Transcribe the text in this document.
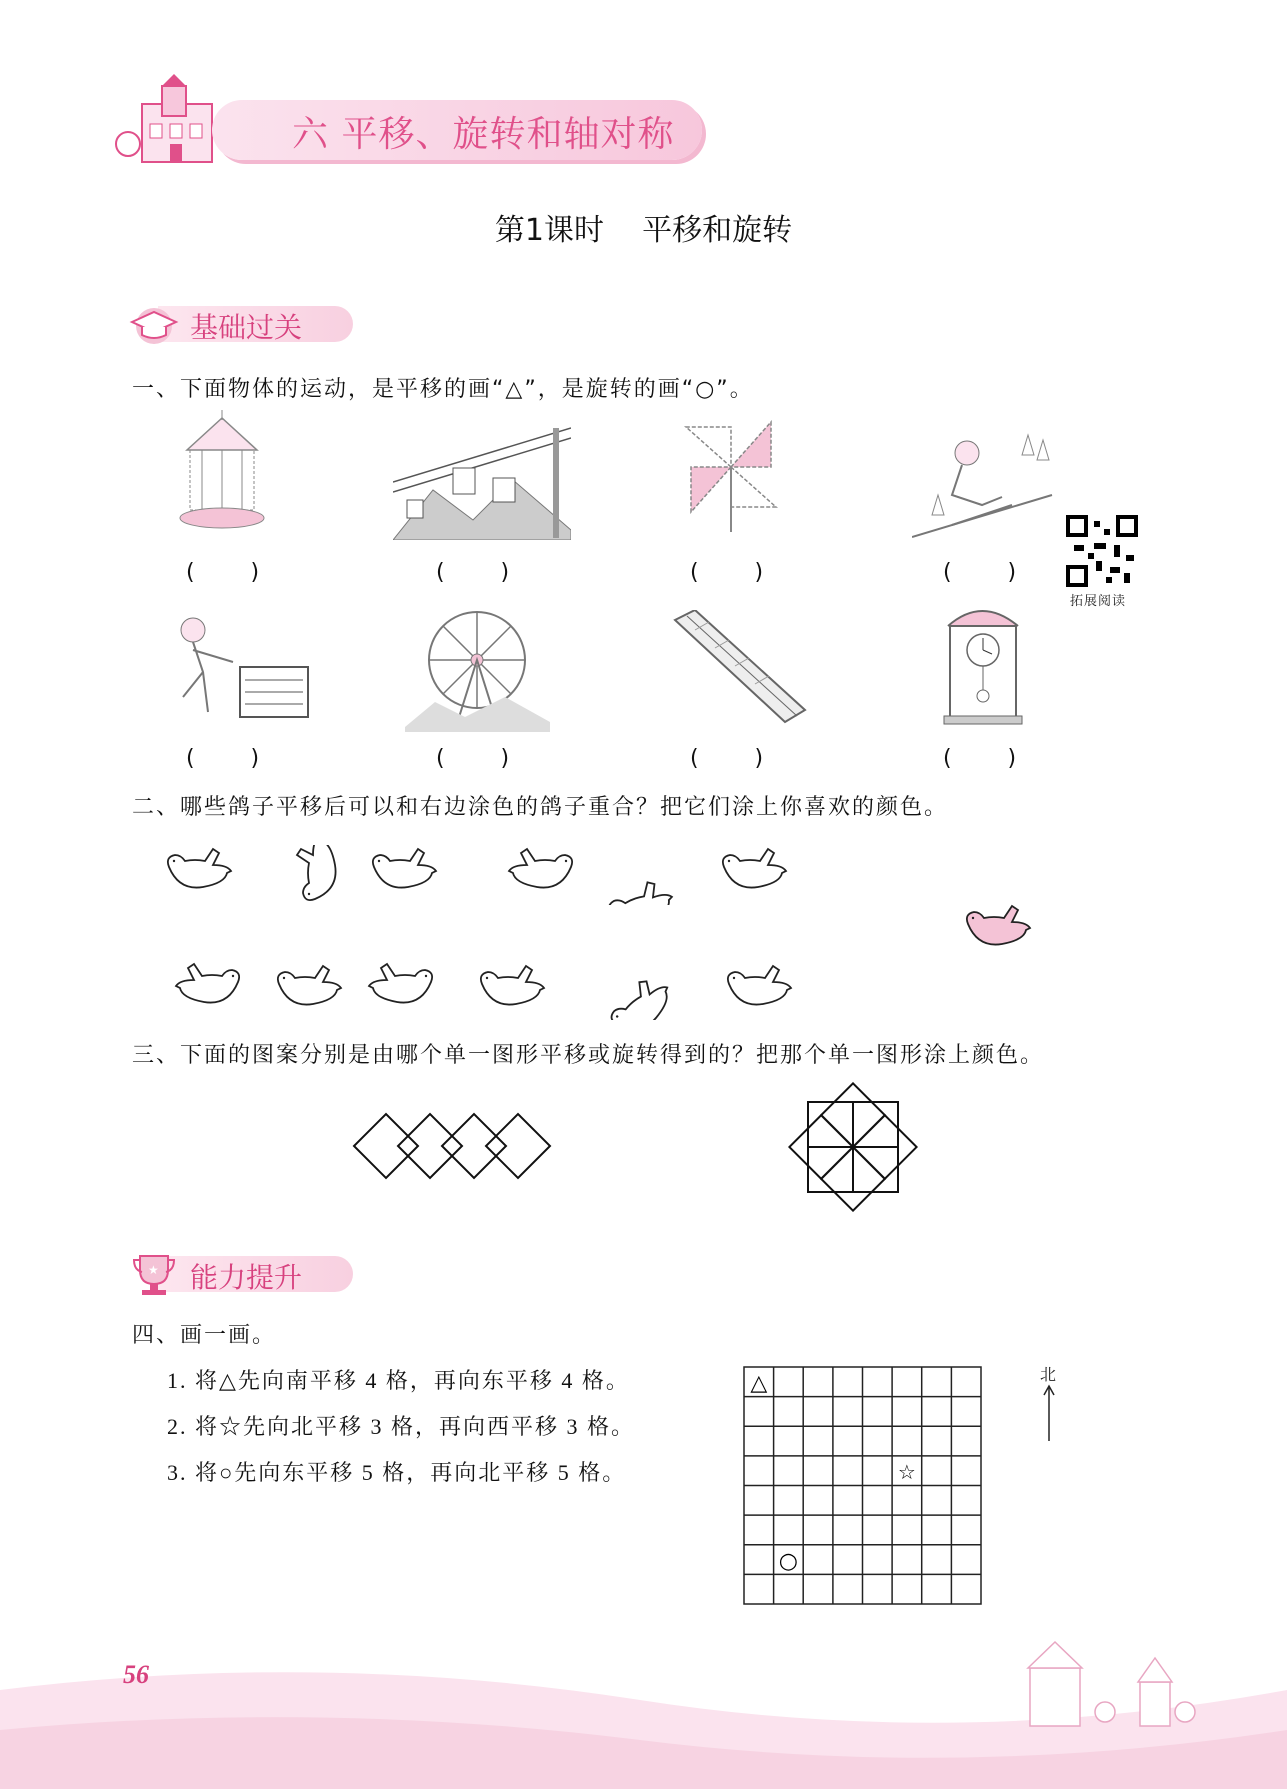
六 平移、旋转和轴对称
第1课时    平移和旋转
基础过关
一、下面物体的运动，是平移的画“△”，是旋转的画“○”。
(        )	(        )	(        )	(        )
拓展阅读
(        )	(        )	(        )	(        )
二、哪些鸽子平移后可以和右边涂色的鸽子重合？把它们涂上你喜欢的颜色。
三、下面的图案分别是由哪个单一图形平移或旋转得到的？把那个单一图形涂上颜色。
★ 能力提升
四、画一画。
1. 将△先向南平移 4 格，再向东平移 4 格。
2. 将☆先向北平移 3 格，再向西平移 3 格。
3. 将○先向东平移 5 格，再向北平移 5 格。
△
☆
○
北
56
